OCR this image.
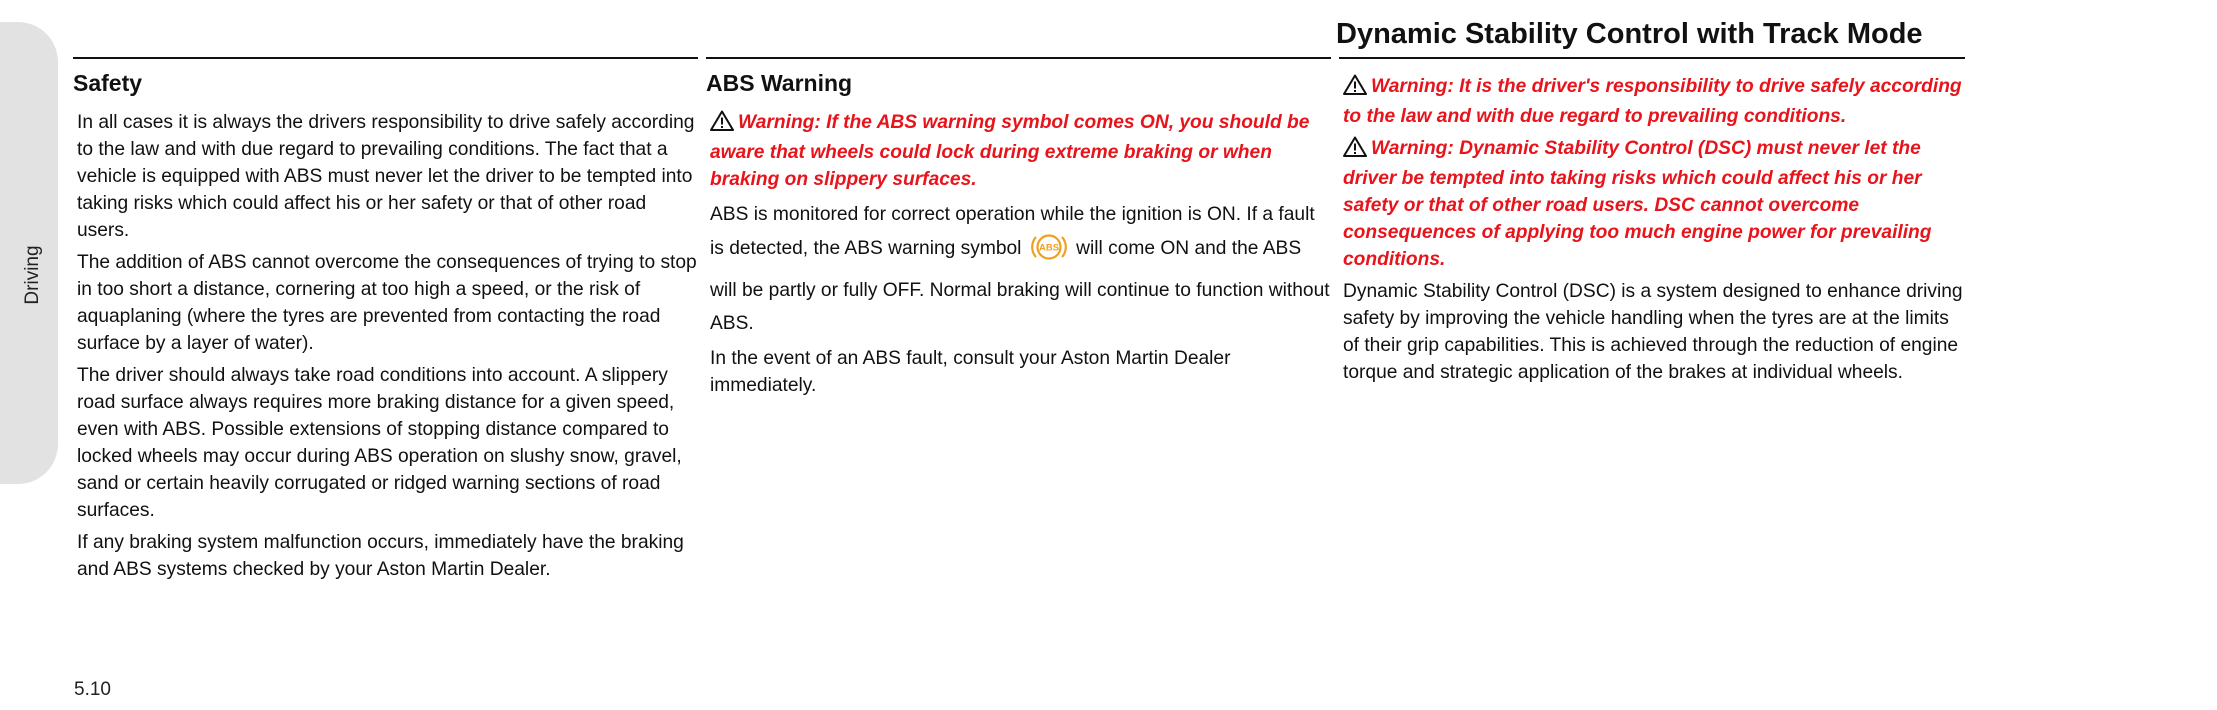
Driving
Dynamic Stability Control with Track Mode
Safety

In all cases it is always the drivers responsibility to drive safely according to the law and with due regard to prevailing conditions. The fact that a vehicle is equipped with ABS must never let the driver to be tempted into taking risks which could affect his or her safety or that of other road users.

The addition of ABS cannot overcome the consequences of trying to stop in too short a distance, cornering at too high a speed, or the risk of aquaplaning (where the tyres are prevented from contacting the road surface by a layer of water).

The driver should always take road conditions into account. A slippery road surface always requires more braking distance for a given speed, even with ABS. Possible extensions of stopping distance compared to locked wheels may occur during ABS operation on slushy snow, gravel, sand or certain heavily corrugated or ridged warning sections of road surfaces.

If any braking system malfunction occurs, immediately have the braking and ABS systems checked by your Aston Martin Dealer.

ABS Warning

Warning: If the ABS warning symbol comes ON, you should be aware that wheels could lock during extreme braking or when braking on slippery surfaces.

ABS is monitored for correct operation while the ignition is ON. If a fault is detected, the ABS warning symbol ABS will come ON and the ABS will be partly or fully OFF. Normal braking will continue to function without ABS.

In the event of an ABS fault, consult your Aston Martin Dealer immediately.

Warning: It is the driver's responsibility to drive safely according to the law and with due regard to prevailing conditions.

Warning: Dynamic Stability Control (DSC) must never let the driver be tempted into taking risks which could affect his or her safety or that of other road users. DSC cannot overcome consequences of applying too much engine power for prevailing conditions.

Dynamic Stability Control (DSC) is a system designed to enhance driving safety by improving the vehicle handling when the tyres are at the limits of their grip capabilities. This is achieved through the reduction of engine torque and strategic application of the brakes at individual wheels.

5.10
